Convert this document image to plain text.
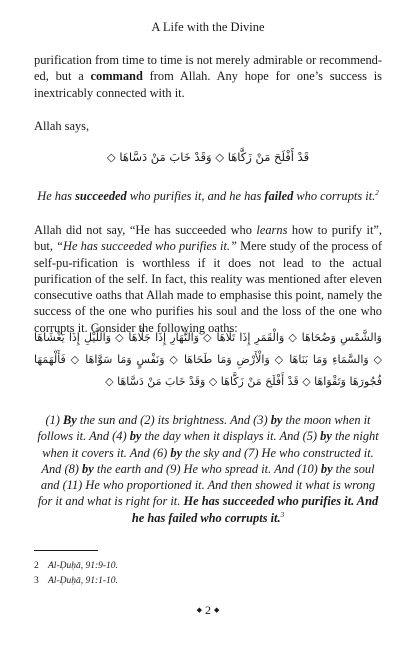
A Life with the Divine

purification from time to time is not merely admirable or recommend-ed, but a command from Allah. Any hope for one’s success is inextricably connected with it.

Allah says,

قَدْ أَفْلَحَ مَنْ زَكَّاهَا ◇ وَقَدْ خَابَ مَنْ دَسَّاهَا ◇

He has succeeded who purifies it, and he has failed who corrupts it.$^2$

Allah did not say, “He has succeeded who learns how to purify it”, but, “He has succeeded who purifies it.” Mere study of the process of self-pu-rification is worthless if it does not lead to the actual purification of the self. In fact, this reality was mentioned after eleven consecutive oaths that Allah made to emphasise this point, namely the success of the one who purifies his soul and the loss of the one who corrupts it. Consider the following oaths:

وَالشَّمْسِ وَضُحَاهَا ◇ وَالْقَمَرِ إِذَا تَلَاهَا ◇ وَالنَّهَارِ إِذَا جَلَّاهَا ◇ وَاللَّيْلِ إِذَا يَغْشَاهَا ◇ وَالسَّمَاءِ وَمَا بَنَاهَا ◇ وَالْأَرْضِ وَمَا طَحَاهَا ◇ وَنَفْسٍ وَمَا سَوَّاهَا ◇ فَأَلْهَمَهَا فُجُورَهَا وَتَقْوَاهَا ◇ قَدْ أَفْلَحَ مَنْ زَكَّاهَا ◇ وَقَدْ خَابَ مَنْ دَسَّاهَا ◇

(1) By the sun and (2) its brightness. And (3) by the moon when it follows it. And (4) by the day when it displays it. And (5) by the night when it covers it. And (6) by the sky and (7) He who constructed it. And (8) by the earth and (9) He who spread it. And (10) by the soul and (11) He who proportioned it. And then showed it what is wrong for it and what is right for it. He has succeeded who purifies it. And he has failed who corrupts it.$^3$

2 Al-Ḍuḥā, 91:9-10.
3 Al-Ḍuḥā, 91:1-10.
◆ 2 ◆
